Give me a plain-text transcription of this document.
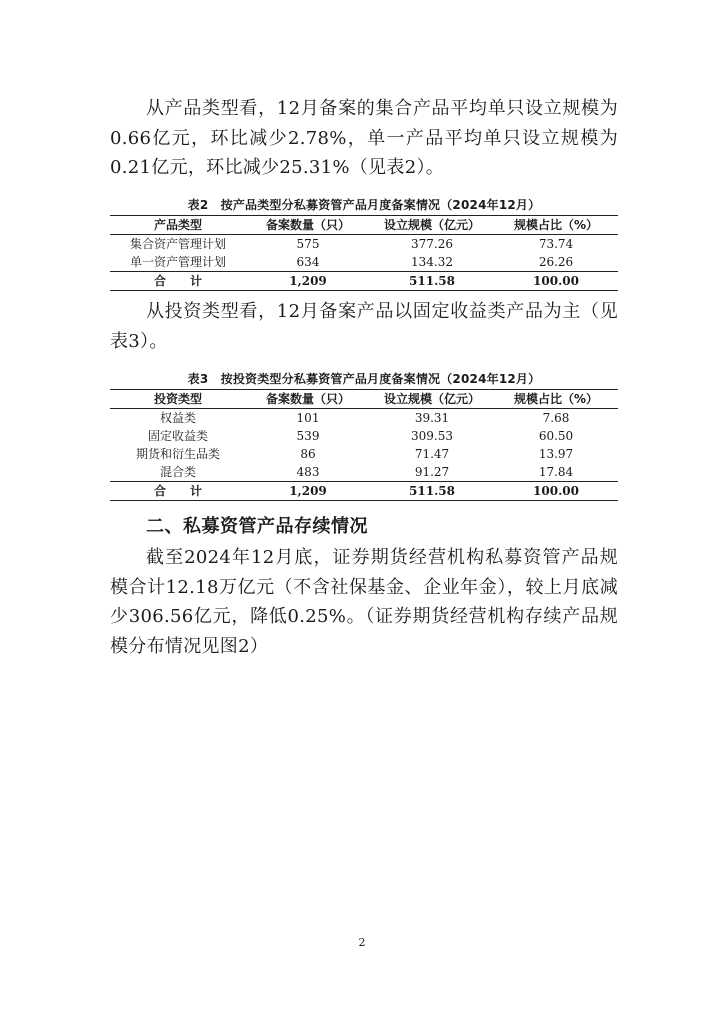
从产品类型看，12月备案的集合产品平均单只设立规模为0.66亿元，环比减少2.78%，单一产品平均单只设立规模为0.21亿元，环比减少25.31%（见表2）。

表2　按产品类型分私募资管产品月度备案情况（2024年12月）
产品类型	备案数量（只）	设立规模（亿元）	规模占比（%）
集合资产管理计划	575	377.26	73.74
单一资产管理计划	634	134.32	26.26
合　　计	1,209	511.58	100.00

从投资类型看，12月备案产品以固定收益类产品为主（见表3）。

表3　按投资类型分私募资管产品月度备案情况（2024年12月）
投资类型	备案数量（只）	设立规模（亿元）	规模占比（%）
权益类	101	39.31	7.68
固定收益类	539	309.53	60.50
期货和衍生品类	86	71.47	13.97
混合类	483	91.27	17.84
合　　计	1,209	511.58	100.00
二、私募资管产品存续情况

截至2024年12月底，证券期货经营机构私募资管产品规模合计12.18万亿元（不含社保基金、企业年金），较上月底减少306.56亿元，降低0.25%。（证券期货经营机构存续产品规模分布情况见图2）

2
